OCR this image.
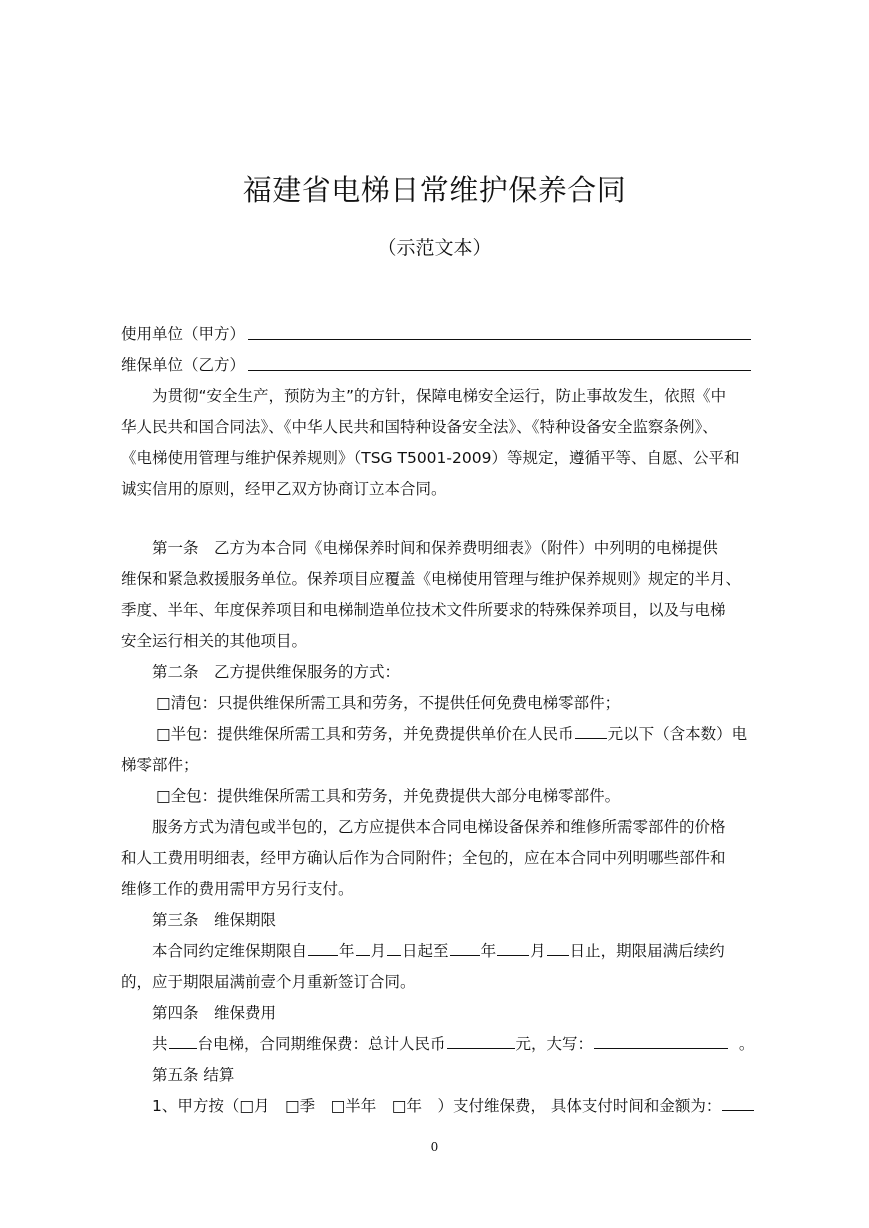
福建省电梯日常维护保养合同
（示范文本）
使用单位（甲方）
维保单位（乙方）
为贯彻“安全生产，预防为主”的方针，保障电梯安全运行，防止事故发生，依照《中
华人民共和国合同法》、《中华人民共和国特种设备安全法》、《特种设备安全监察条例》、
《电梯使用管理与维护保养规则》（TSG T5001-2009）等规定，遵循平等、自愿、公平和
诚实信用的原则，经甲乙双方协商订立本合同。
第一条　乙方为本合同《电梯保养时间和保养费明细表》（附件）中列明的电梯提供
维保和紧急救援服务单位。保养项目应覆盖《电梯使用管理与维护保养规则》规定的半月、
季度、半年、年度保养项目和电梯制造单位技术文件所要求的特殊保养项目，以及与电梯
安全运行相关的其他项目。
第二条　乙方提供维保服务的方式：
□清包：只提供维保所需工具和劳务，不提供任何免费电梯零部件；
□半包：提供维保所需工具和劳务，并免费提供单价在人民币 元以下（含本数）电
梯零部件；
□全包：提供维保所需工具和劳务，并免费提供大部分电梯零部件。
服务方式为清包或半包的，乙方应提供本合同电梯设备保养和维修所需零部件的价格
和人工费用明细表，经甲方确认后作为合同附件；全包的，应在本合同中列明哪些部件和
维修工作的费用需甲方另行支付。
第三条　维保期限
本合同约定维保期限自 年 月 日起至 年 月 日止，期限届满后续约
的，应于期限届满前壹个月重新签订合同。
第四条　维保费用
共 台电梯，合同期维保费：总计人民币	元，大写：	。
第五条 结算
1、甲方按（□月　□季　□半年　□年　）支付维保费， 具体支付时间和金额为：
0
